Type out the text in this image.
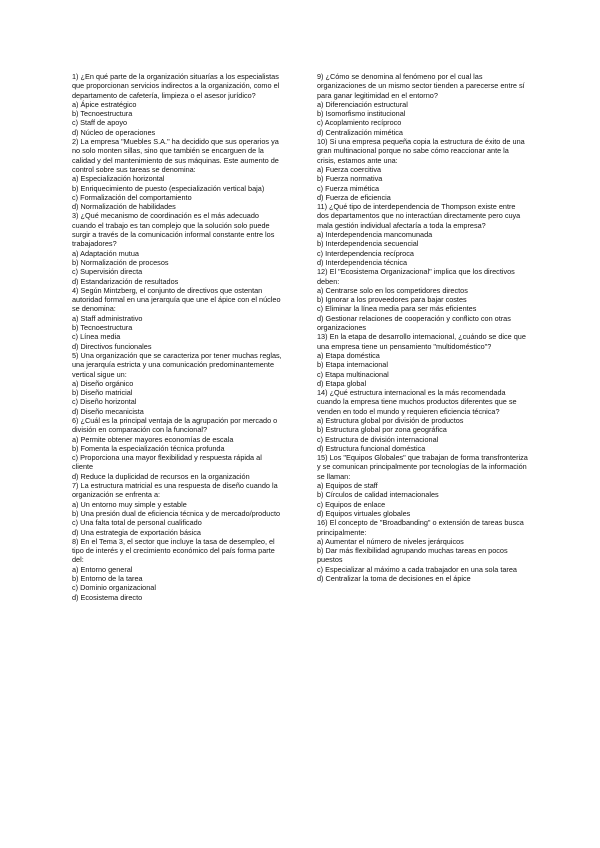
1) ¿En qué parte de la organización situarías a los especialistas que proporcionan servicios indirectos a la organización, como el departamento de cafetería, limpieza o el asesor jurídico?

a) Ápice estratégico

b) Tecnoestructura

c) Staff de apoyo

d) Núcleo de operaciones

2) La empresa "Muebles S.A." ha decidido que sus operarios ya no solo monten sillas, sino que también se encarguen de la calidad y del mantenimiento de sus máquinas. Este aumento de control sobre sus tareas se denomina:

a) Especialización horizontal

b) Enriquecimiento de puesto (especialización vertical baja)

c) Formalización del comportamiento

d) Normalización de habilidades

3) ¿Qué mecanismo de coordinación es el más adecuado cuando el trabajo es tan complejo que la solución solo puede surgir a través de la comunicación informal constante entre los trabajadores?

a) Adaptación mutua

b) Normalización de procesos

c) Supervisión directa

d) Estandarización de resultados

4) Según Mintzberg, el conjunto de directivos que ostentan autoridad formal en una jerarquía que une el ápice con el núcleo se denomina:

a) Staff administrativo

b) Tecnoestructura

c) Línea media

d) Directivos funcionales

5) Una organización que se caracteriza por tener muchas reglas, una jerarquía estricta y una comunicación predominantemente vertical sigue un:

a) Diseño orgánico

b) Diseño matricial

c) Diseño horizontal

d) Diseño mecanicista

6) ¿Cuál es la principal ventaja de la agrupación por mercado o división en comparación con la funcional?

a) Permite obtener mayores economías de escala

b) Fomenta la especialización técnica profunda

c) Proporciona una mayor flexibilidad y respuesta rápida al cliente

d) Reduce la duplicidad de recursos en la organización

7) La estructura matricial es una respuesta de diseño cuando la organización se enfrenta a:

a) Un entorno muy simple y estable

b) Una presión dual de eficiencia técnica y de mercado/producto

c) Una falta total de personal cualificado

d) Una estrategia de exportación básica

8) En el Tema 3, el sector que incluye la tasa de desempleo, el tipo de interés y el crecimiento económico del país forma parte del:

a) Entorno general

b) Entorno de la tarea

c) Dominio organizacional

d) Ecosistema directo

9) ¿Cómo se denomina al fenómeno por el cual las organizaciones de un mismo sector tienden a parecerse entre sí para ganar legitimidad en el entorno?

a) Diferenciación estructural

b) Isomorfismo institucional

c) Acoplamiento recíproco

d) Centralización mimética

10) Si una empresa pequeña copia la estructura de éxito de una gran multinacional porque no sabe cómo reaccionar ante la crisis, estamos ante una:

a) Fuerza coercitiva

b) Fuerza normativa

c) Fuerza mimética

d) Fuerza de eficiencia

11) ¿Qué tipo de interdependencia de Thompson existe entre dos departamentos que no interactúan directamente pero cuya mala gestión individual afectaría a toda la empresa?

a) Interdependencia mancomunada

b) Interdependencia secuencial

c) Interdependencia recíproca

d) Interdependencia técnica

12) El "Ecosistema Organizacional" implica que los directivos deben:

a) Centrarse solo en los competidores directos

b) Ignorar a los proveedores para bajar costes

c) Eliminar la línea media para ser más eficientes

d) Gestionar relaciones de cooperación y conflicto con otras organizaciones

13) En la etapa de desarrollo internacional, ¿cuándo se dice que una empresa tiene un pensamiento "multidoméstico"?

a) Etapa doméstica

b) Etapa internacional

c) Etapa multinacional

d) Etapa global

14) ¿Qué estructura internacional es la más recomendada cuando la empresa tiene muchos productos diferentes que se venden en todo el mundo y requieren eficiencia técnica?

a) Estructura global por división de productos

b) Estructura global por zona geográfica

c) Estructura de división internacional

d) Estructura funcional doméstica

15) Los "Equipos Globales" que trabajan de forma transfronteriza y se comunican principalmente por tecnologías de la información se llaman:

a) Equipos de staff

b) Círculos de calidad internacionales

c) Equipos de enlace

d) Equipos virtuales globales

16) El concepto de "Broadbanding" o extensión de tareas busca principalmente:

a) Aumentar el número de niveles jerárquicos

b) Dar más flexibilidad agrupando muchas tareas en pocos puestos

c) Especializar al máximo a cada trabajador en una sola tarea

d) Centralizar la toma de decisiones en el ápice
